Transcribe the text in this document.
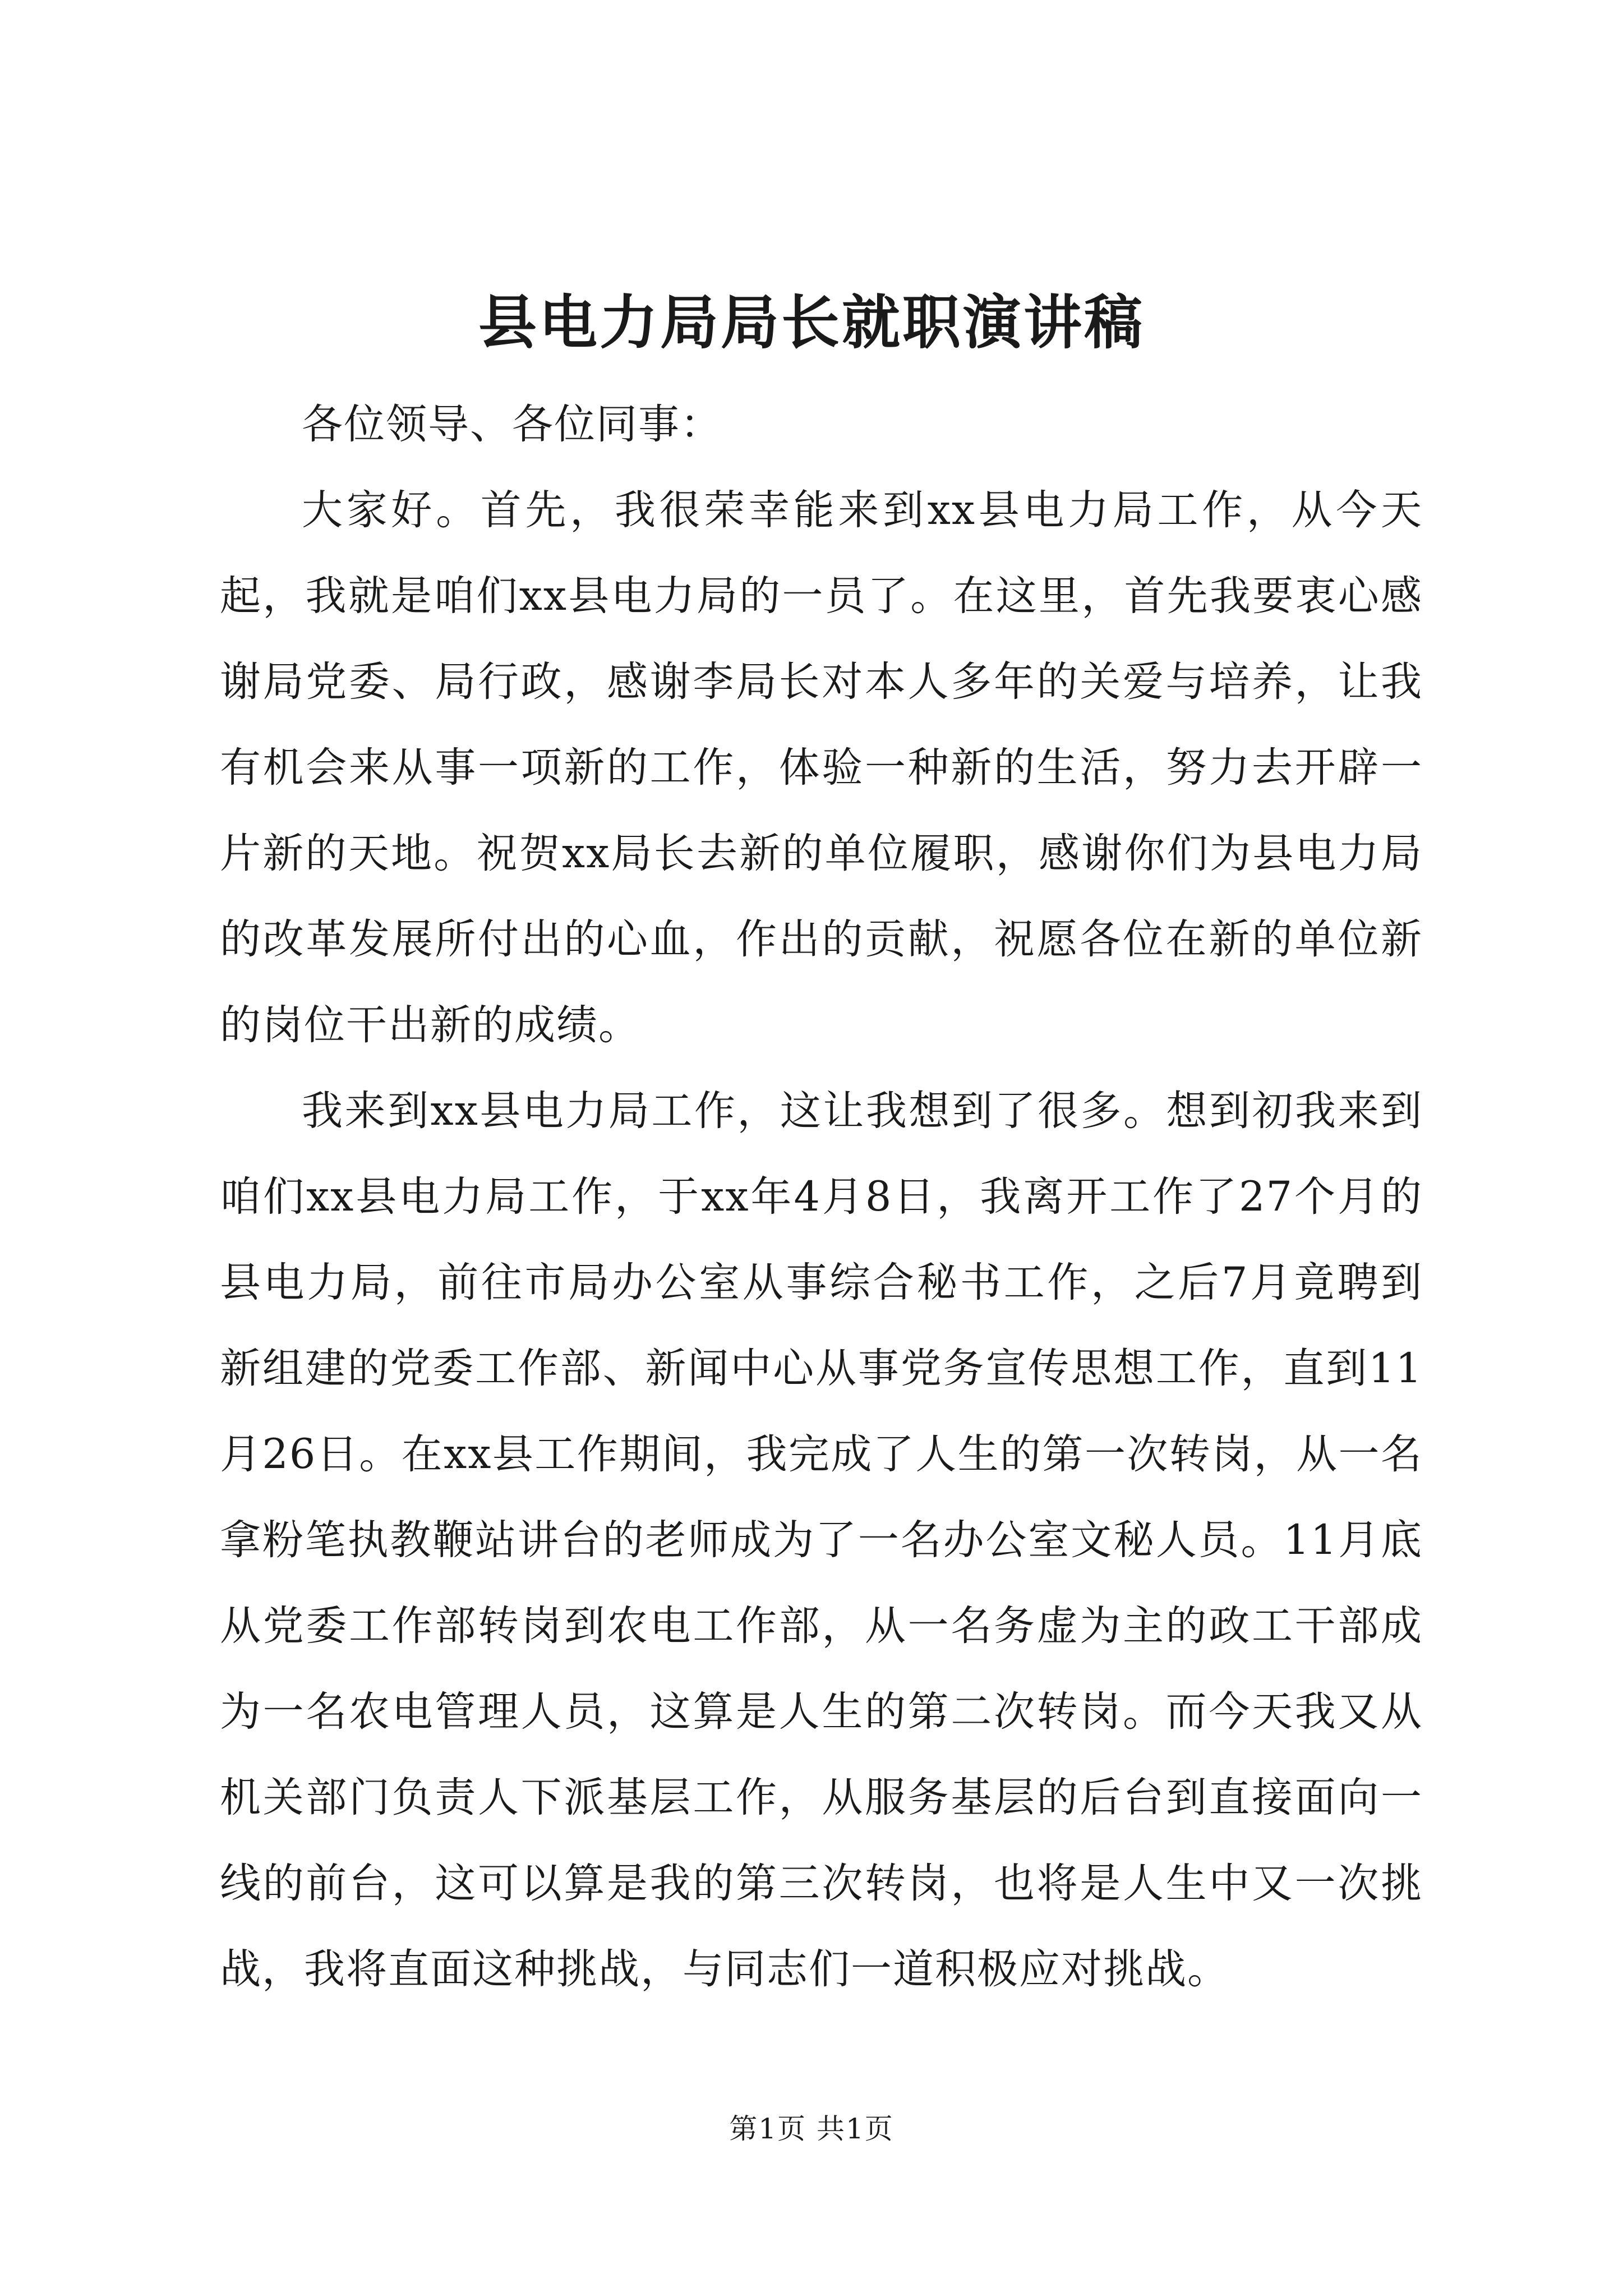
县电力局局长就职演讲稿

各位领导、各位同事：

大家好。首先，我很荣幸能来到xx县电力局工作，从今天起，我就是咱们xx县电力局的一员了。在这里，首先我要衷心感谢局党委、局行政，感谢李局长对本人多年的关爱与培养，让我有机会来从事一项新的工作，体验一种新的生活，努力去开辟一片新的天地。祝贺xx局长去新的单位履职，感谢你们为县电力局的改革发展所付出的心血，作出的贡献，祝愿各位在新的单位新的岗位干出新的成绩。

我来到xx县电力局工作，这让我想到了很多。想到初我来到咱们xx县电力局工作，于xx年4月8日，我离开工作了27个月的县电力局，前往市局办公室从事综合秘书工作，之后7月竟聘到新组建的党委工作部、新闻中心从事党务宣传思想工作，直到11月26日。在xx县工作期间，我完成了人生的第一次转岗，从一名拿粉笔执教鞭站讲台的老师成为了一名办公室文秘人员。11月底从党委工作部转岗到农电工作部，从一名务虚为主的政工干部成为一名农电管理人员，这算是人生的第二次转岗。而今天我又从机关部门负责人下派基层工作，从服务基层的后台到直接面向一线的前台，这可以算是我的第三次转岗，也将是人生中又一次挑战，我将直面这种挑战，与同志们一道积极应对挑战。

第1页 共1页
